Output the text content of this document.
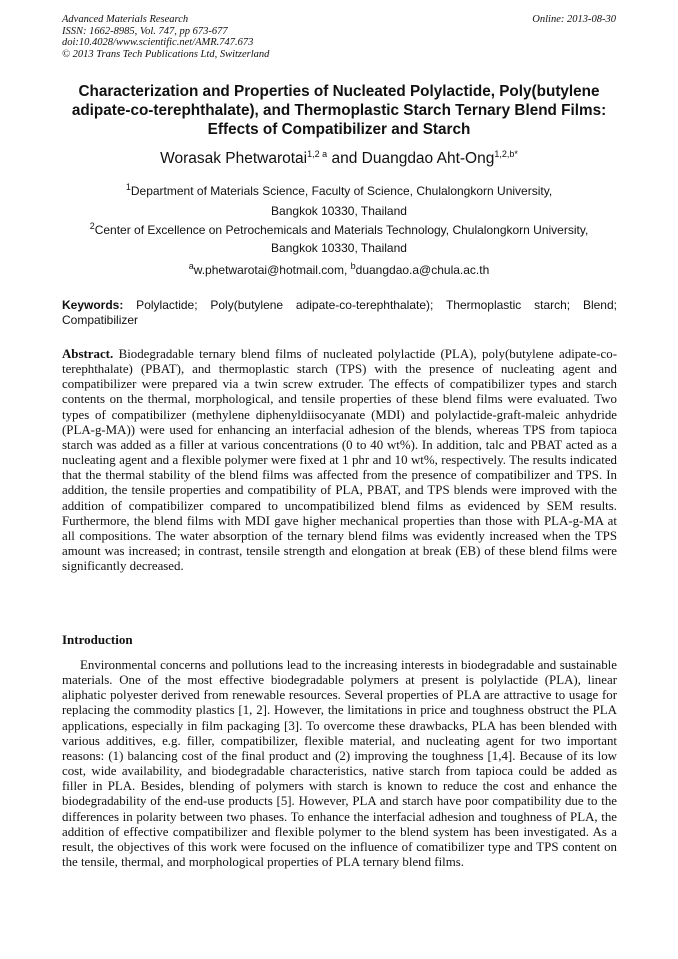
Advanced Materials Research
ISSN: 1662-8985, Vol. 747, pp 673-677
doi:10.4028/www.scientific.net/AMR.747.673
© 2013 Trans Tech Publications Ltd, Switzerland
Online: 2013-08-30
Characterization and Properties of Nucleated Polylactide, Poly(butylene adipate-co-terephthalate), and Thermoplastic Starch Ternary Blend Films: Effects of Compatibilizer and Starch
Worasak Phetwarotai$^{1,2 a}$ and Duangdao Aht-Ong$^{1,2,b*}$
$^1$Department of Materials Science, Faculty of Science, Chulalongkorn University,
Bangkok 10330, Thailand
$^2$Center of Excellence on Petrochemicals and Materials Technology, Chulalongkorn University,
Bangkok 10330, Thailand
$^a$w.phetwarotai@hotmail.com, $^b$duangdao.a@chula.ac.th
Keywords: Polylactide; Poly(butylene adipate-co-terephthalate); Thermoplastic starch; Blend; Compatibilizer
Abstract. Biodegradable ternary blend films of nucleated polylactide (PLA), poly(butylene adipate-co-terephthalate) (PBAT), and thermoplastic starch (TPS) with the presence of nucleating agent and compatibilizer were prepared via a twin screw extruder. The effects of compatibilizer types and starch contents on the thermal, morphological, and tensile properties of these blend films were evaluated. Two types of compatibilizer (methylene diphenyldiisocyanate (MDI) and polylactide-graft-maleic anhydride (PLA-g-MA)) were used for enhancing an interfacial adhesion of the blends, whereas TPS from tapioca starch was added as a filler at various concentrations (0 to 40 wt%). In addition, talc and PBAT acted as a nucleating agent and a flexible polymer were fixed at 1 phr and 10 wt%, respectively. The results indicated that the thermal stability of the blend films was affected from the presence of compatibilizer and TPS. In addition, the tensile properties and compatibility of PLA, PBAT, and TPS blends were improved with the addition of compatibilizer compared to uncompatibilized blend films as evidenced by SEM results. Furthermore, the blend films with MDI gave higher mechanical properties than those with PLA-g-MA at all compositions. The water absorption of the ternary blend films was evidently increased when the TPS amount was increased; in contrast, tensile strength and elongation at break (EB) of these blend films were significantly decreased.
Introduction
Environmental concerns and pollutions lead to the increasing interests in biodegradable and sustainable materials. One of the most effective biodegradable polymers at present is polylactide (PLA), linear aliphatic polyester derived from renewable resources. Several properties of PLA are attractive to usage for replacing the commodity plastics [1, 2]. However, the limitations in price and toughness obstruct the PLA applications, especially in film packaging [3]. To overcome these drawbacks, PLA has been blended with various additives, e.g. filler, compatibilizer, flexible material, and nucleating agent for two important reasons: (1) balancing cost of the final product and (2) improving the toughness [1,4]. Because of its low cost, wide availability, and biodegradable characteristics, native starch from tapioca could be added as filler in PLA. Besides, blending of polymers with starch is known to reduce the cost and enhance the biodegradability of the end-use products [5]. However, PLA and starch have poor compatibility due to the differences in polarity between two phases. To enhance the interfacial adhesion and toughness of PLA, the addition of effective compatibilizer and flexible polymer to the blend system has been investigated. As a result, the objectives of this work were focused on the influence of comatibilizer type and TPS content on the tensile, thermal, and morphological properties of PLA ternary blend films.
